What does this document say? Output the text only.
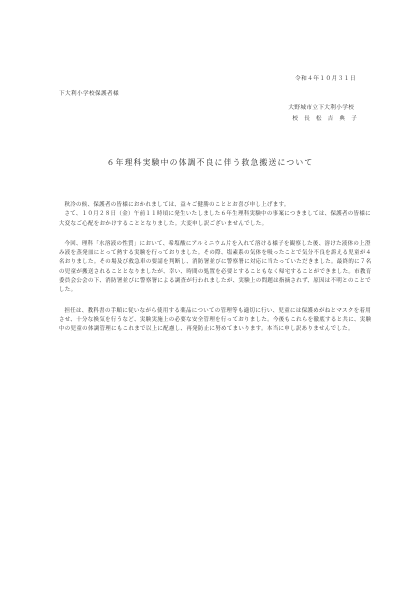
令和４年１０月３１日
下大利小学校保護者様
大野城市立下大利小学校
校 長 松 吉 典 子
６年理科実験中の体調不良に伴う救急搬送について

秋冷の候、保護者の皆様におかれましては、益々ご健勝のこととお喜び申し上げます。

さて、１０月２８日（金）午前１１時頃に発生いたしました６年生理科実験中の事案につきましては、保護者の皆様に大変なご心配をおかけすることとなりました。大変申し訳ございませんでした。

今回、理科「水溶液の性質」において、希塩酸にアルミニウム片を入れて溶ける様子を観察した後、溶けた液体の上澄み液を蒸発皿にとって熱する実験を行っておりました。その際、塩素系の気体を吸ったことで気分不良を訴える児童が４名おりました。その場及び救急車の要請を判断し、消防署並びに警察署に対応に当たっていただきました。最終的に７名の児童が搬送されることとなりましたが、幸い、時間の処置を必要とすることもなく帰宅することができました。市教育委員会公会の下、消防署並びに警察署による調査が行われましたが、実験上の問題は指摘されず、原因は不明とのことでした。

担任は、教科書の手順に従いながら使用する薬品についての管理等も適切に行い、児童には保護めがねとマスクを着用させ、十分な換気を行うなど、実験実施上の必要な安全管理を行っておりました。今後もこれらを徹底すると共に、実験中の児童の体調管理にもこれまで以上に配慮し、再発防止に努めてまいります。本当に申し訳ありませんでした。
